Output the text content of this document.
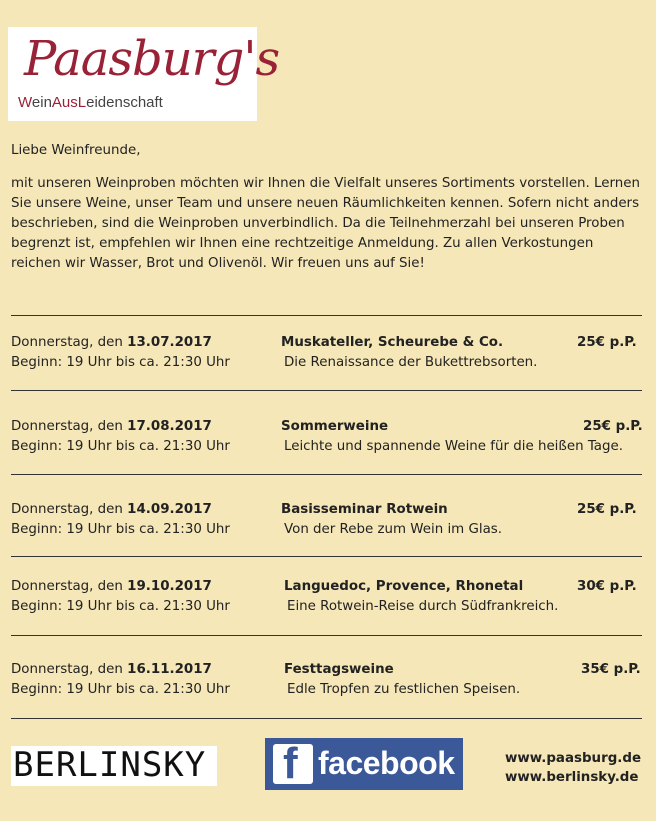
Paasburg's
WeinAusLeidenschaft
Liebe Weinfreunde,
mit unseren Weinproben möchten wir Ihnen die Vielfalt unseres Sortiments vorstellen. Lernen Sie unsere Weine, unser Team und unsere neuen Räumlichkeiten kennen. Sofern nicht anders beschrieben, sind die Weinproben unverbindlich. Da die Teilnehmerzahl bei unseren Proben begrenzt ist, empfehlen wir Ihnen eine rechtzeitige Anmeldung. Zu allen Verkostungen reichen wir Wasser, Brot und Olivenöl. Wir freuen uns auf Sie!
Donnerstag, den 13.07.2017
Beginn: 19 Uhr bis ca. 21:30 Uhr
Muskateller, Scheurebe & Co.
Die Renaissance der Bukettrebsorten.
25€ p.P.
Donnerstag, den 17.08.2017
Beginn: 19 Uhr bis ca. 21:30 Uhr
Sommerweine
Leichte und spannende Weine für die heißen Tage.
25€ p.P.
Donnerstag, den 14.09.2017
Beginn: 19 Uhr bis ca. 21:30 Uhr
Basisseminar Rotwein
Von der Rebe zum Wein im Glas.
25€ p.P.
Donnerstag, den 19.10.2017
Beginn: 19 Uhr bis ca. 21:30 Uhr
Languedoc, Provence, Rhonetal
Eine Rotwein-Reise durch Südfrankreich.
30€ p.P.
Donnerstag, den 16.11.2017
Beginn: 19 Uhr bis ca. 21:30 Uhr
Festtagsweine
Edle Tropfen zu festlichen Speisen.
35€ p.P.
BERLINSKY f facebook	www.paasburg.de
www.berlinsky.de
